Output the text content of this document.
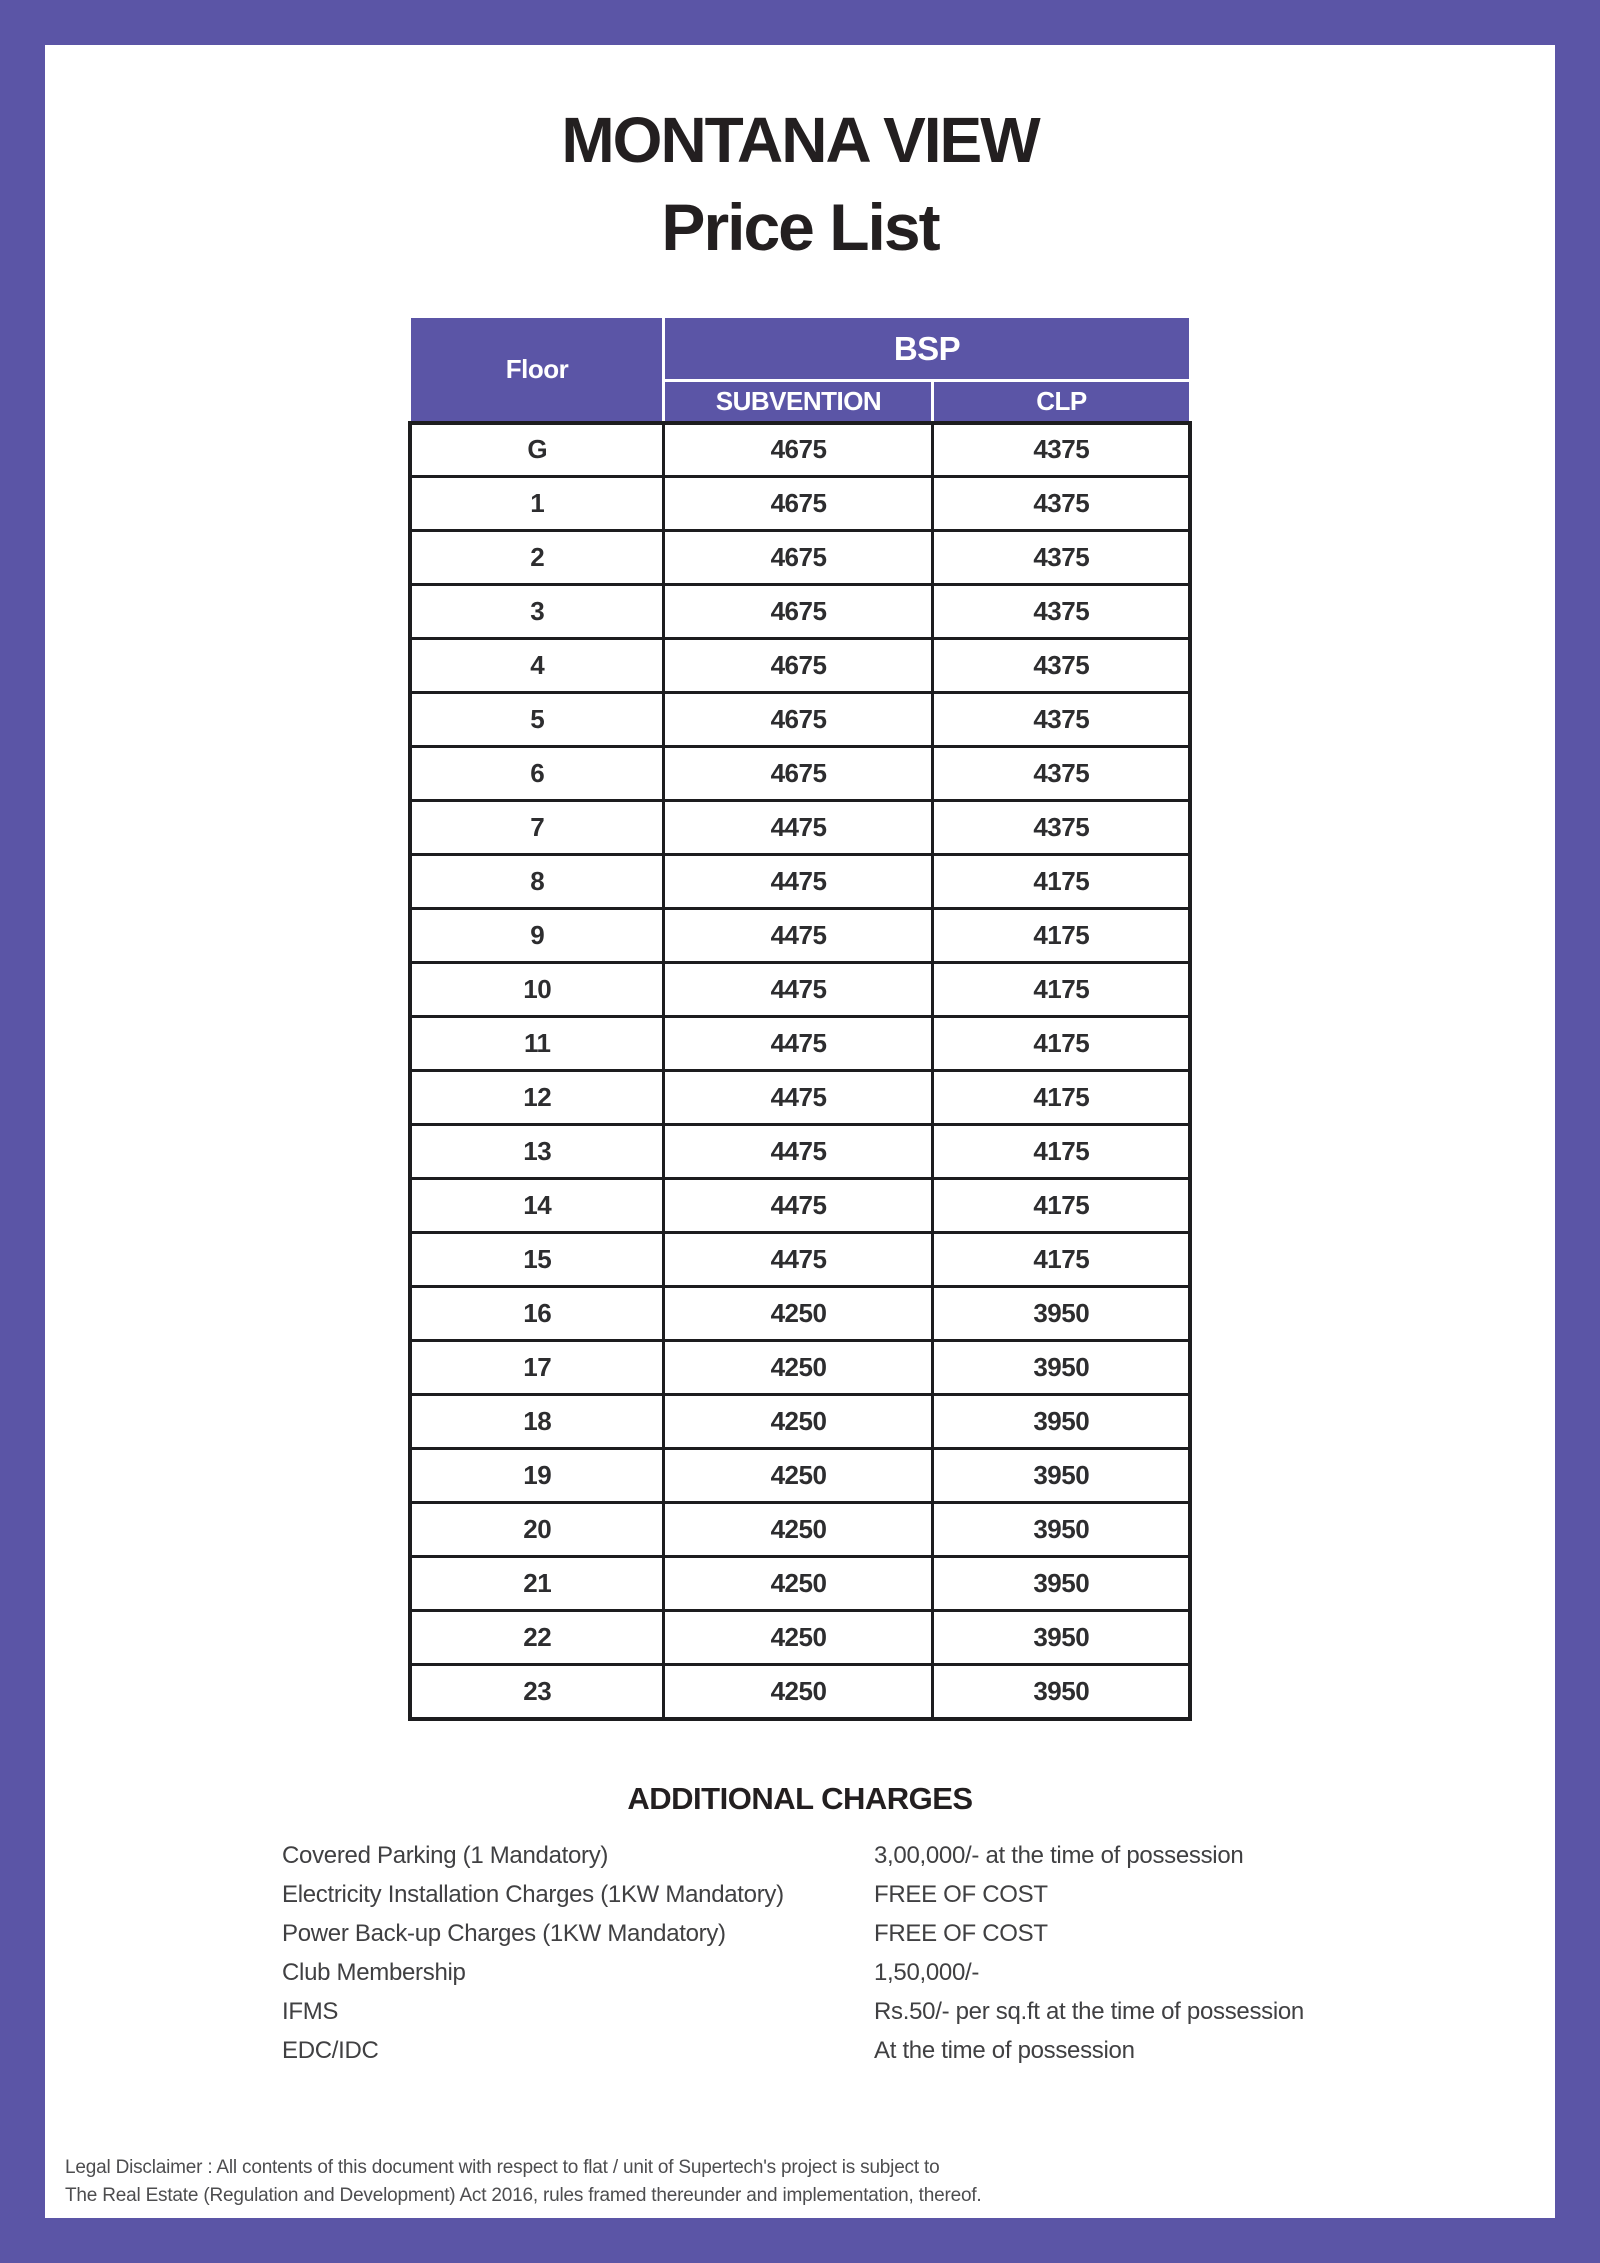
MONTANA VIEW
Price List
Floor	BSP	
	SUBVENTION	CLP
G	4675	4375
1	4675	4375
2	4675	4375
3	4675	4375
4	4675	4375
5	4675	4375
6	4675	4375
7	4475	4375
8	4475	4175
9	4475	4175
10	4475	4175
11	4475	4175
12	4475	4175
13	4475	4175
14	4475	4175
15	4475	4175
16	4250	3950
17	4250	3950
18	4250	3950
19	4250	3950
20	4250	3950
21	4250	3950
22	4250	3950
23	4250	3950
ADDITIONAL CHARGES
Covered Parking (1 Mandatory)	3,00,000/- at the time of possession
Electricity Installation Charges (1KW Mandatory)	FREE OF COST
Power Back-up Charges (1KW Mandatory)	FREE OF COST
Club Membership	1,50,000/-
IFMS	Rs.50/- per sq.ft at the time of possession
EDC/IDC	At the time of possession
Legal Disclaimer : All contents of this document with respect to flat / unit of Supertech's project is subject to
The Real Estate (Regulation and Development) Act 2016, rules framed thereunder and implementation, thereof.
